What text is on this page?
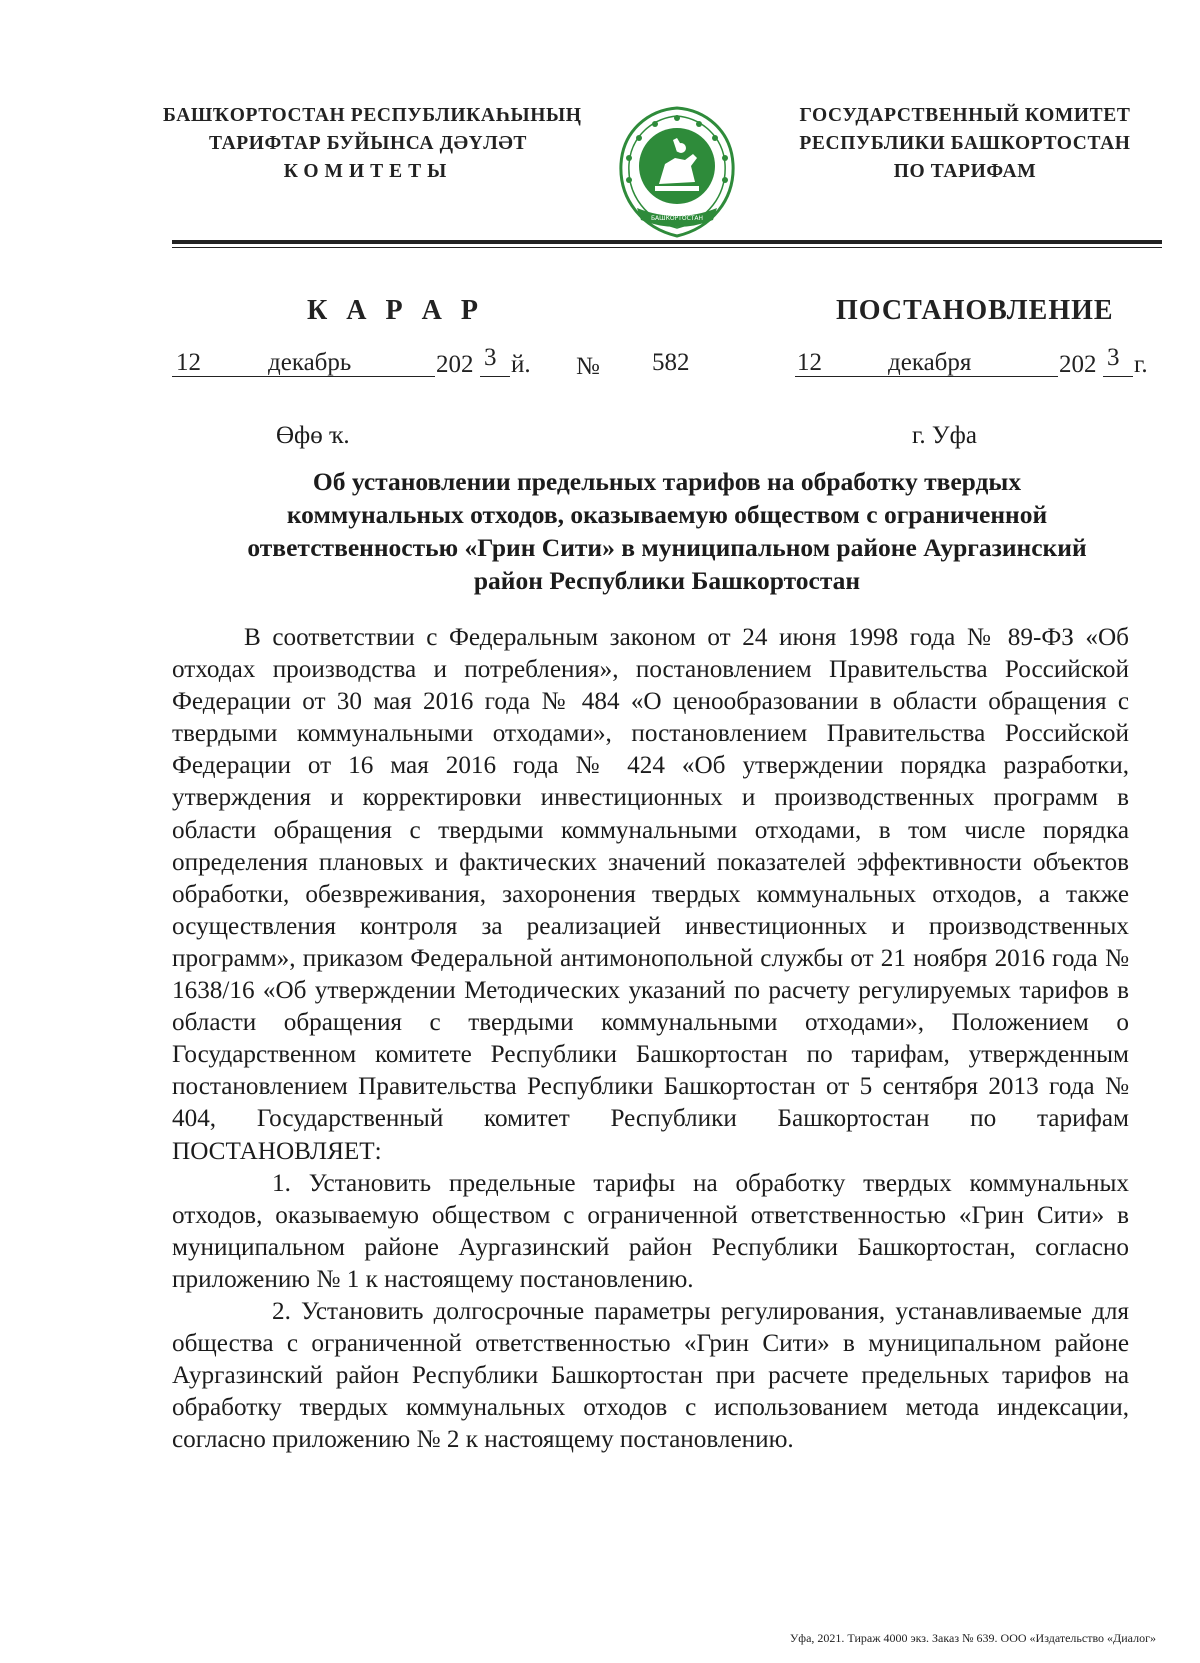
БАШҠОРТОСТАН РЕСПУБЛИКАҺЫНЫҢ
ТАРИФТАР БУЙЫНСА ДӘҮЛӘТ
КОМИТЕТЫ
БАШКОРТОСТАН
ГОСУДАРСТВЕННЫЙ КОМИТЕТ
РЕСПУБЛИКИ БАШКОРТОСТАН
ПО ТАРИФАМ
К А Р А Р	ПОСТАНОВЛЕНИЕ
12	декабрь	202 3 й. № 582	12	декабря	202 3 г.
Өфө ҡ.	г. Уфа
Об установлении предельных тарифов на обработку твердых
коммунальных отходов, оказываемую обществом с ограниченной
ответственностью «Грин Сити» в муниципальном районе Аургазинский
район Республики Башкортостан

В соответствии с Федеральным законом от 24 июня 1998 года № 89-ФЗ «Об отходах производства и потребления», постановлением Правительства Российской Федерации от 30 мая 2016 года № 484 «О ценообразовании в области обращения с твердыми коммунальными отходами», постановлением Правительства Российской Федерации от 16 мая 2016 года № 424 «Об утверждении порядка разработки, утверждения и корректировки инвестиционных и производственных программ в области обращения с твердыми коммунальными отходами, в том числе порядка определения плановых и фактических значений показателей эффективности объектов обработки, обезвреживания, захоронения твердых коммунальных отходов, а также осуществления контроля за реализацией инвестиционных и производственных программ», приказом Федеральной антимонопольной службы от 21 ноября 2016 года № 1638/16 «Об утверждении Методических указаний по расчету регулируемых тарифов в области обращения с твердыми коммунальными отходами», Положением о Государственном комитете Республики Башкортостан по тарифам, утвержденным постановлением Правительства Республики Башкортостан от 5 сентября 2013 года № 404, Государственный комитет Республики Башкортостан по тарифам ПОСТАНОВЛЯЕТ:

1. Установить предельные тарифы на обработку твердых коммунальных отходов, оказываемую обществом с ограниченной ответственностью «Грин Сити» в муниципальном районе Аургазинский район Республики Башкортостан, согласно приложению № 1 к настоящему постановлению.

2. Установить долгосрочные параметры регулирования, устанавливаемые для общества с ограниченной ответственностью «Грин Сити» в муниципальном районе Аургазинский район Республики Башкортостан при расчете предельных тарифов на обработку твердых коммунальных отходов с использованием метода индексации, согласно приложению № 2 к настоящему постановлению.

Уфа, 2021. Тираж 4000 экз. Заказ № 639. ООО «Издательство «Диалог»
